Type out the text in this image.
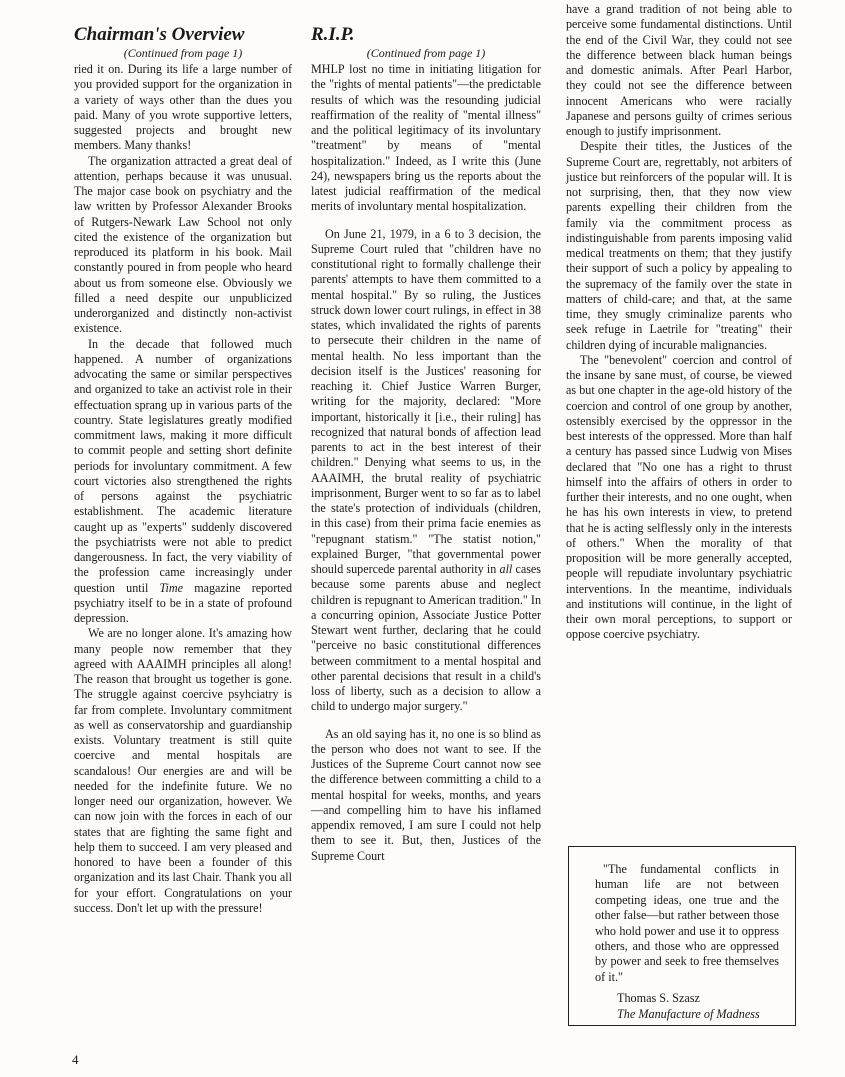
Chairman's Overview
(Continued from page 1)

ried it on. During its life a large number of you provided support for the organization in a variety of ways other than the dues you paid. Many of you wrote supportive letters, suggested projects and brought new members. Many thanks!

The organization attracted a great deal of attention, perhaps because it was unusual. The major case book on psychiatry and the law written by Professor Alexander Brooks of Rutgers-Newark Law School not only cited the existence of the organization but reproduced its platform in his book. Mail constantly poured in from people who heard about us from someone else. Obviously we filled a need despite our unpublicized underorganized and distinctly non-activist existence.

In the decade that followed much happened. A number of organizations advocating the same or similar perspectives and organized to take an activist role in their effectuation sprang up in various parts of the country. State legislatures greatly modified commitment laws, making it more difficult to commit people and setting short definite periods for involuntary commitment. A few court victories also strengthened the rights of persons against the psychiatric establishment. The academic literature caught up as "experts" suddenly discovered the psychiatrists were not able to predict dangerousness. In fact, the very viability of the profession came increasingly under question until Time magazine reported psychiatry itself to be in a state of profound depression.

We are no longer alone. It's amazing how many people now remember that they agreed with AAAIMH principles all along! The reason that brought us together is gone. The struggle against coercive psyhciatry is far from complete. Involuntary commitment as well as conservatorship and guardianship exists. Voluntary treatment is still quite coercive and mental hospitals are scandalous! Our energies are and will be needed for the indefinite future. We no longer need our organization, however. We can now join with the forces in each of our states that are fighting the same fight and help them to succeed. I am very pleased and honored to have been a founder of this organization and its last Chair. Thank you all for your effort. Congratulations on your success. Don't let up with the pressure!

R.I.P.
(Continued from page 1)

MHLP lost no time in initiating litigation for the "rights of mental patients"—the predictable results of which was the resounding judicial reaffirmation of the reality of "mental illness" and the political legitimacy of its involuntary "treatment" by means of "mental hospitalization." Indeed, as I write this (June 24), newspapers bring us the reports about the latest judicial reaffirmation of the medical merits of involuntary mental hospitalization.

On June 21, 1979, in a 6 to 3 decision, the Supreme Court ruled that "children have no constitutional right to formally challenge their parents' attempts to have them committed to a mental hospital." By so ruling, the Justices struck down lower court rulings, in effect in 38 states, which invalidated the rights of parents to persecute their children in the name of mental health. No less important than the decision itself is the Justices' reasoning for reaching it. Chief Justice Warren Burger, writing for the majority, declared: "More important, historically it [i.e., their ruling] has recognized that natural bonds of affection lead parents to act in the best interest of their children." Denying what seems to us, in the AAAIMH, the brutal reality of psychiatric imprisonment, Burger went to so far as to label the state's protection of individuals (children, in this case) from their prima facie enemies as "repugnant statism." "The statist notion," explained Burger, "that governmental power should supercede parental authority in all cases because some parents abuse and neglect children is repugnant to American tradition." In a concurring opinion, Associate Justice Potter Stewart went further, declaring that he could "perceive no basic constitutional differences between commitment to a mental hospital and other parental decisions that result in a child's loss of liberty, such as a decision to allow a child to undergo major surgery."

As an old saying has it, no one is so blind as the person who does not want to see. If the Justices of the Supreme Court cannot now see the difference between committing a child to a mental hospital for weeks, months, and years—and compelling him to have his inflamed appendix removed, I am sure I could not help them to see it. But, then, Justices of the Supreme Court

have a grand tradition of not being able to perceive some fundamental distinctions. Until the end of the Civil War, they could not see the difference between black human beings and domestic animals. After Pearl Harbor, they could not see the difference between innocent Americans who were racially Japanese and persons guilty of crimes serious enough to justify imprisonment.

Despite their titles, the Justices of the Supreme Court are, regrettably, not arbiters of justice but reinforcers of the popular will. It is not surprising, then, that they now view parents expelling their children from the family via the commitment process as indistinguishable from parents imposing valid medical treatments on them; that they justify their support of such a policy by appealing to the supremacy of the family over the state in matters of child-care; and that, at the same time, they smugly criminalize parents who seek refuge in Laetrile for "treating" their children dying of incurable malignancies.

The "benevolent" coercion and control of the insane by sane must, of course, be viewed as but one chapter in the age-old history of the coercion and control of one group by another, ostensibly exercised by the oppressor in the best interests of the oppressed. More than half a century has passed since Ludwig von Mises declared that "No one has a right to thrust himself into the affairs of others in order to further their interests, and no one ought, when he has his own interests in view, to pretend that he is acting selflessly only in the interests of others." When the morality of that proposition will be more generally accepted, people will repudiate involuntary psychiatric interventions. In the meantime, individuals and institutions will continue, in the light of their own moral perceptions, to support or oppose coercive psychiatry.

"The fundamental conflicts in human life are not between competing ideas, one true and the other false—but rather between those who hold power and use it to oppress others, and those who are oppressed by power and seek to free themselves of it."

Thomas S. Szasz
The Manufacture of Madness
4
